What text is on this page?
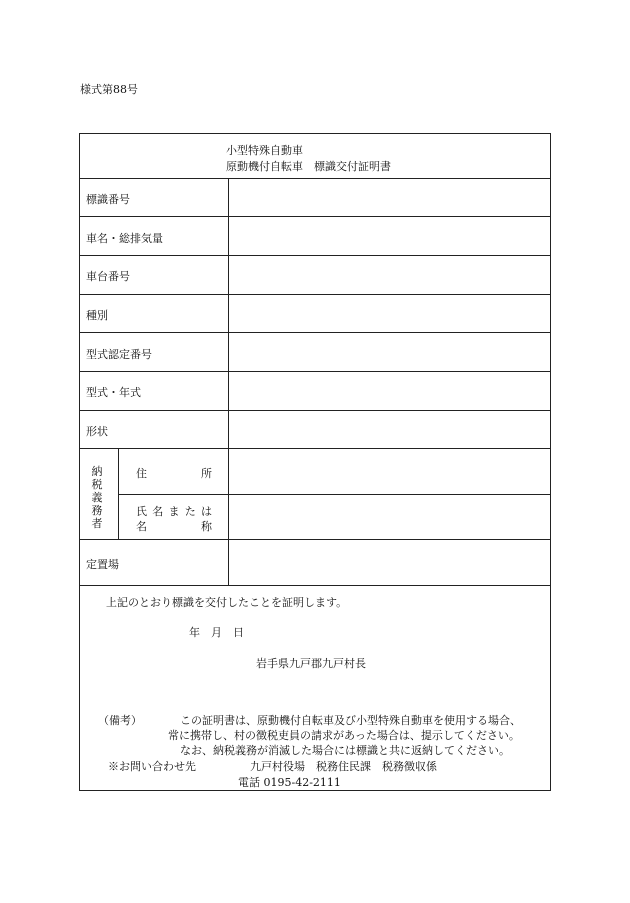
様式第88号
小型特殊自動車
原動機付自転車　標識交付証明書
標識番号
車名・総排気量
車台番号
種別
型式認定番号
型式・年式
形状
納税義務者
住	所
氏 名 ま た は
名	称
定置場
上記のとおり標識を交付したことを証明します。
年　月　日
岩手県九戸郡九戸村長
（備考）	この証明書は、原動機付自転車及び小型特殊自動車を使用する場合、
常に携帯し、村の徴税吏員の請求があった場合は、提示してください。
なお、納税義務が消滅した場合には標識と共に返納してください。
※お問い合わせ先	九戸村役場　税務住民課　税務徴収係
電話 0195-42-2111
